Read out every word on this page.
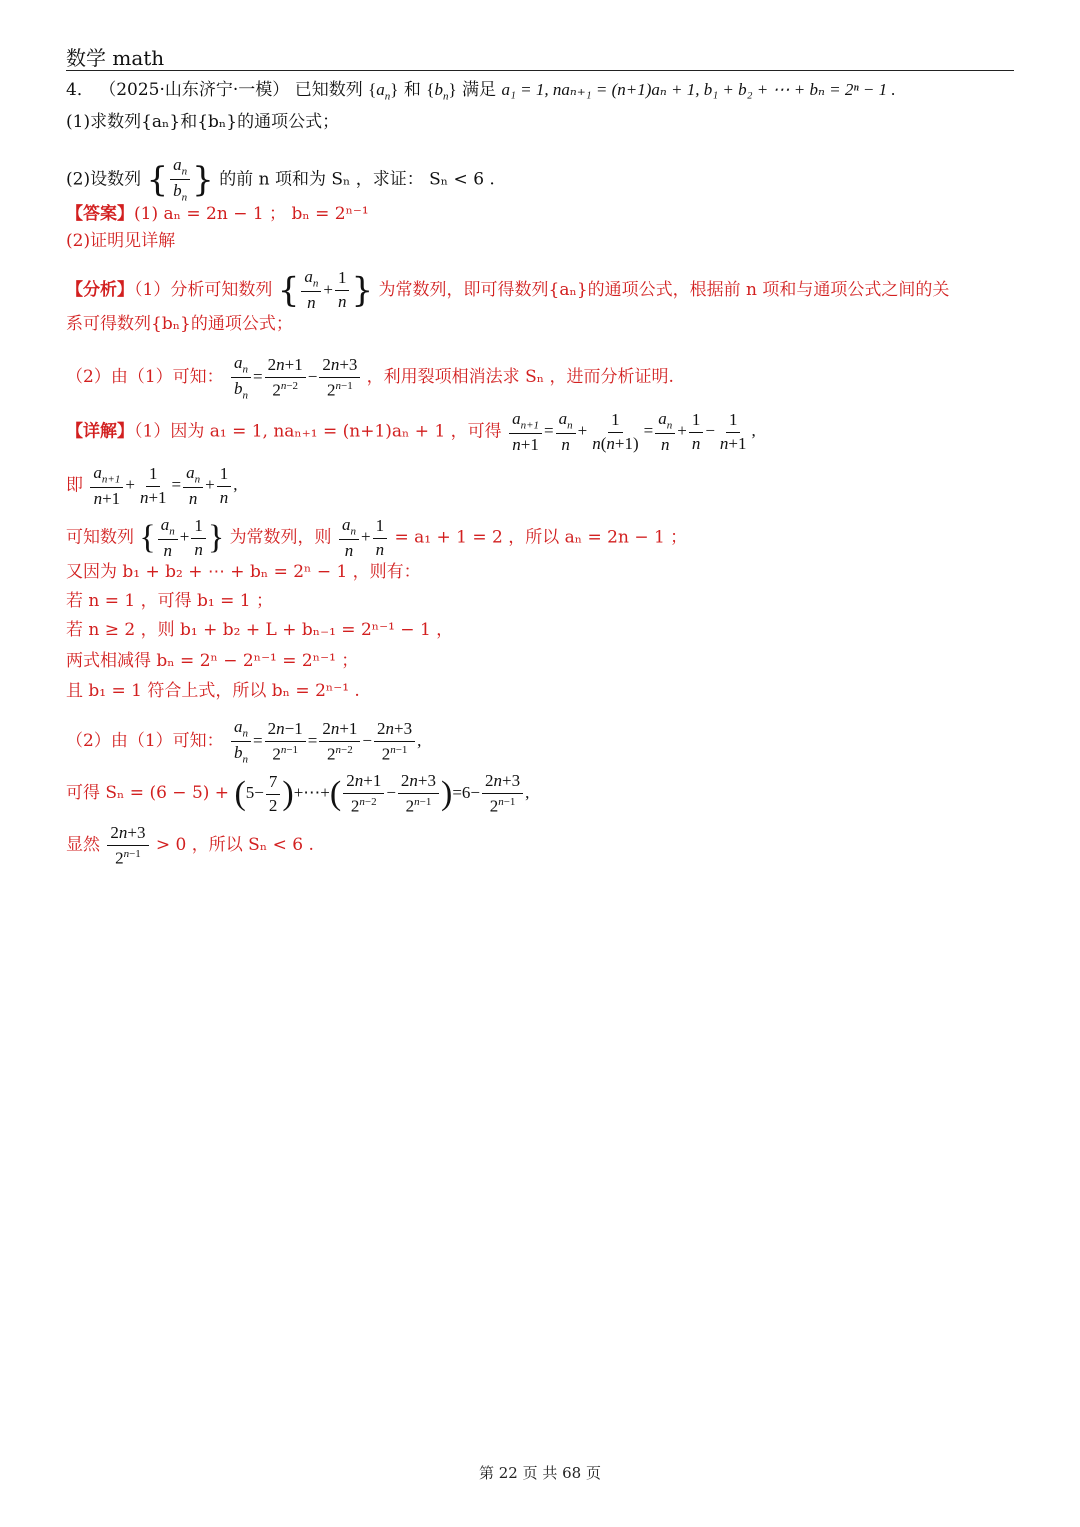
数学 math
4． （2025·山东济宁·一模） 已知数列 $\{a_n\}$ 和 $\{b_n\}$ 满足 a₁ = 1, naₙ₊₁ = (n+1)aₙ + 1, b₁ + b₂ + ⋯ + bₙ = 2ⁿ − 1 .
(1)求数列{aₙ}和{bₙ}的通项公式；
(2)设数列 { $\frac{a_n}{b_n}$ } 的前 n 项和为 Sₙ ，求证： Sₙ < 6 .
【答案】(1) aₙ = 2n − 1 ； bₙ = 2ⁿ⁻¹
(2)证明见详解
【分析】（1）分析可知数列 { $\frac{a_n}{n} + \frac{1}{n}$ } 为常数列，即可得数列{aₙ}的通项公式，根据前 n 项和与通项公式之间的关
系可得数列{bₙ}的通项公式；
（2）由（1）可知： $\frac{a_n}{b_n} = \frac{2n+1}{2^{n-2}} - \frac{2n+3}{2^{n-1}}$ ，利用裂项相消法求 Sₙ ，进而分析证明.
【详解】（1）因为 a₁ = 1, naₙ₊₁ = (n+1)aₙ + 1 ，可得 $\frac{a_{n+1}}{n+1} = \frac{a_n}{n} + \frac{1}{n(n+1)} = \frac{a_n}{n} + \frac{1}{n} - \frac{1}{n+1}$ ,
即 $\frac{a_{n+1}}{n+1} + \frac{1}{n+1} = \frac{a_n}{n} + \frac{1}{n}$ ,
可知数列 { $\frac{a_n}{n} + \frac{1}{n}$ } 为常数列，则 $\frac{a_n}{n} + \frac{1}{n} = a_1 + 1 = 2$ ，所以 aₙ = 2n − 1 ；
又因为 b₁ + b₂ + ⋯ + bₙ = 2ⁿ − 1 ，则有：
若 n = 1 ，可得 b₁ = 1 ；
若 n ≥ 2 ，则 b₁ + b₂ + L + bₙ₋₁ = 2ⁿ⁻¹ − 1 ，
两式相减得 bₙ = 2ⁿ − 2ⁿ⁻¹ = 2ⁿ⁻¹ ；
且 b₁ = 1 符合上式，所以 bₙ = 2ⁿ⁻¹ .
（2）由（1）可知： $\frac{a_n}{b_n} = \frac{2n-1}{2^{n-1}} = \frac{2n+1}{2^{n-2}} - \frac{2n+3}{2^{n-1}}$ ,
可得 $S_n = (6 - 5) + (5- \frac{7}{2}$ )+⋯+( $\frac{2n+1}{2^{n-2}} - \frac{2n+3}{2^{n-1}} )=6- \frac{2n+3}{2^{n-1}}$ ,
显然 $\frac{2n+3}{2^{n-1}} > 0$ ，所以 Sₙ < 6 .
第 22 页 共 68 页
